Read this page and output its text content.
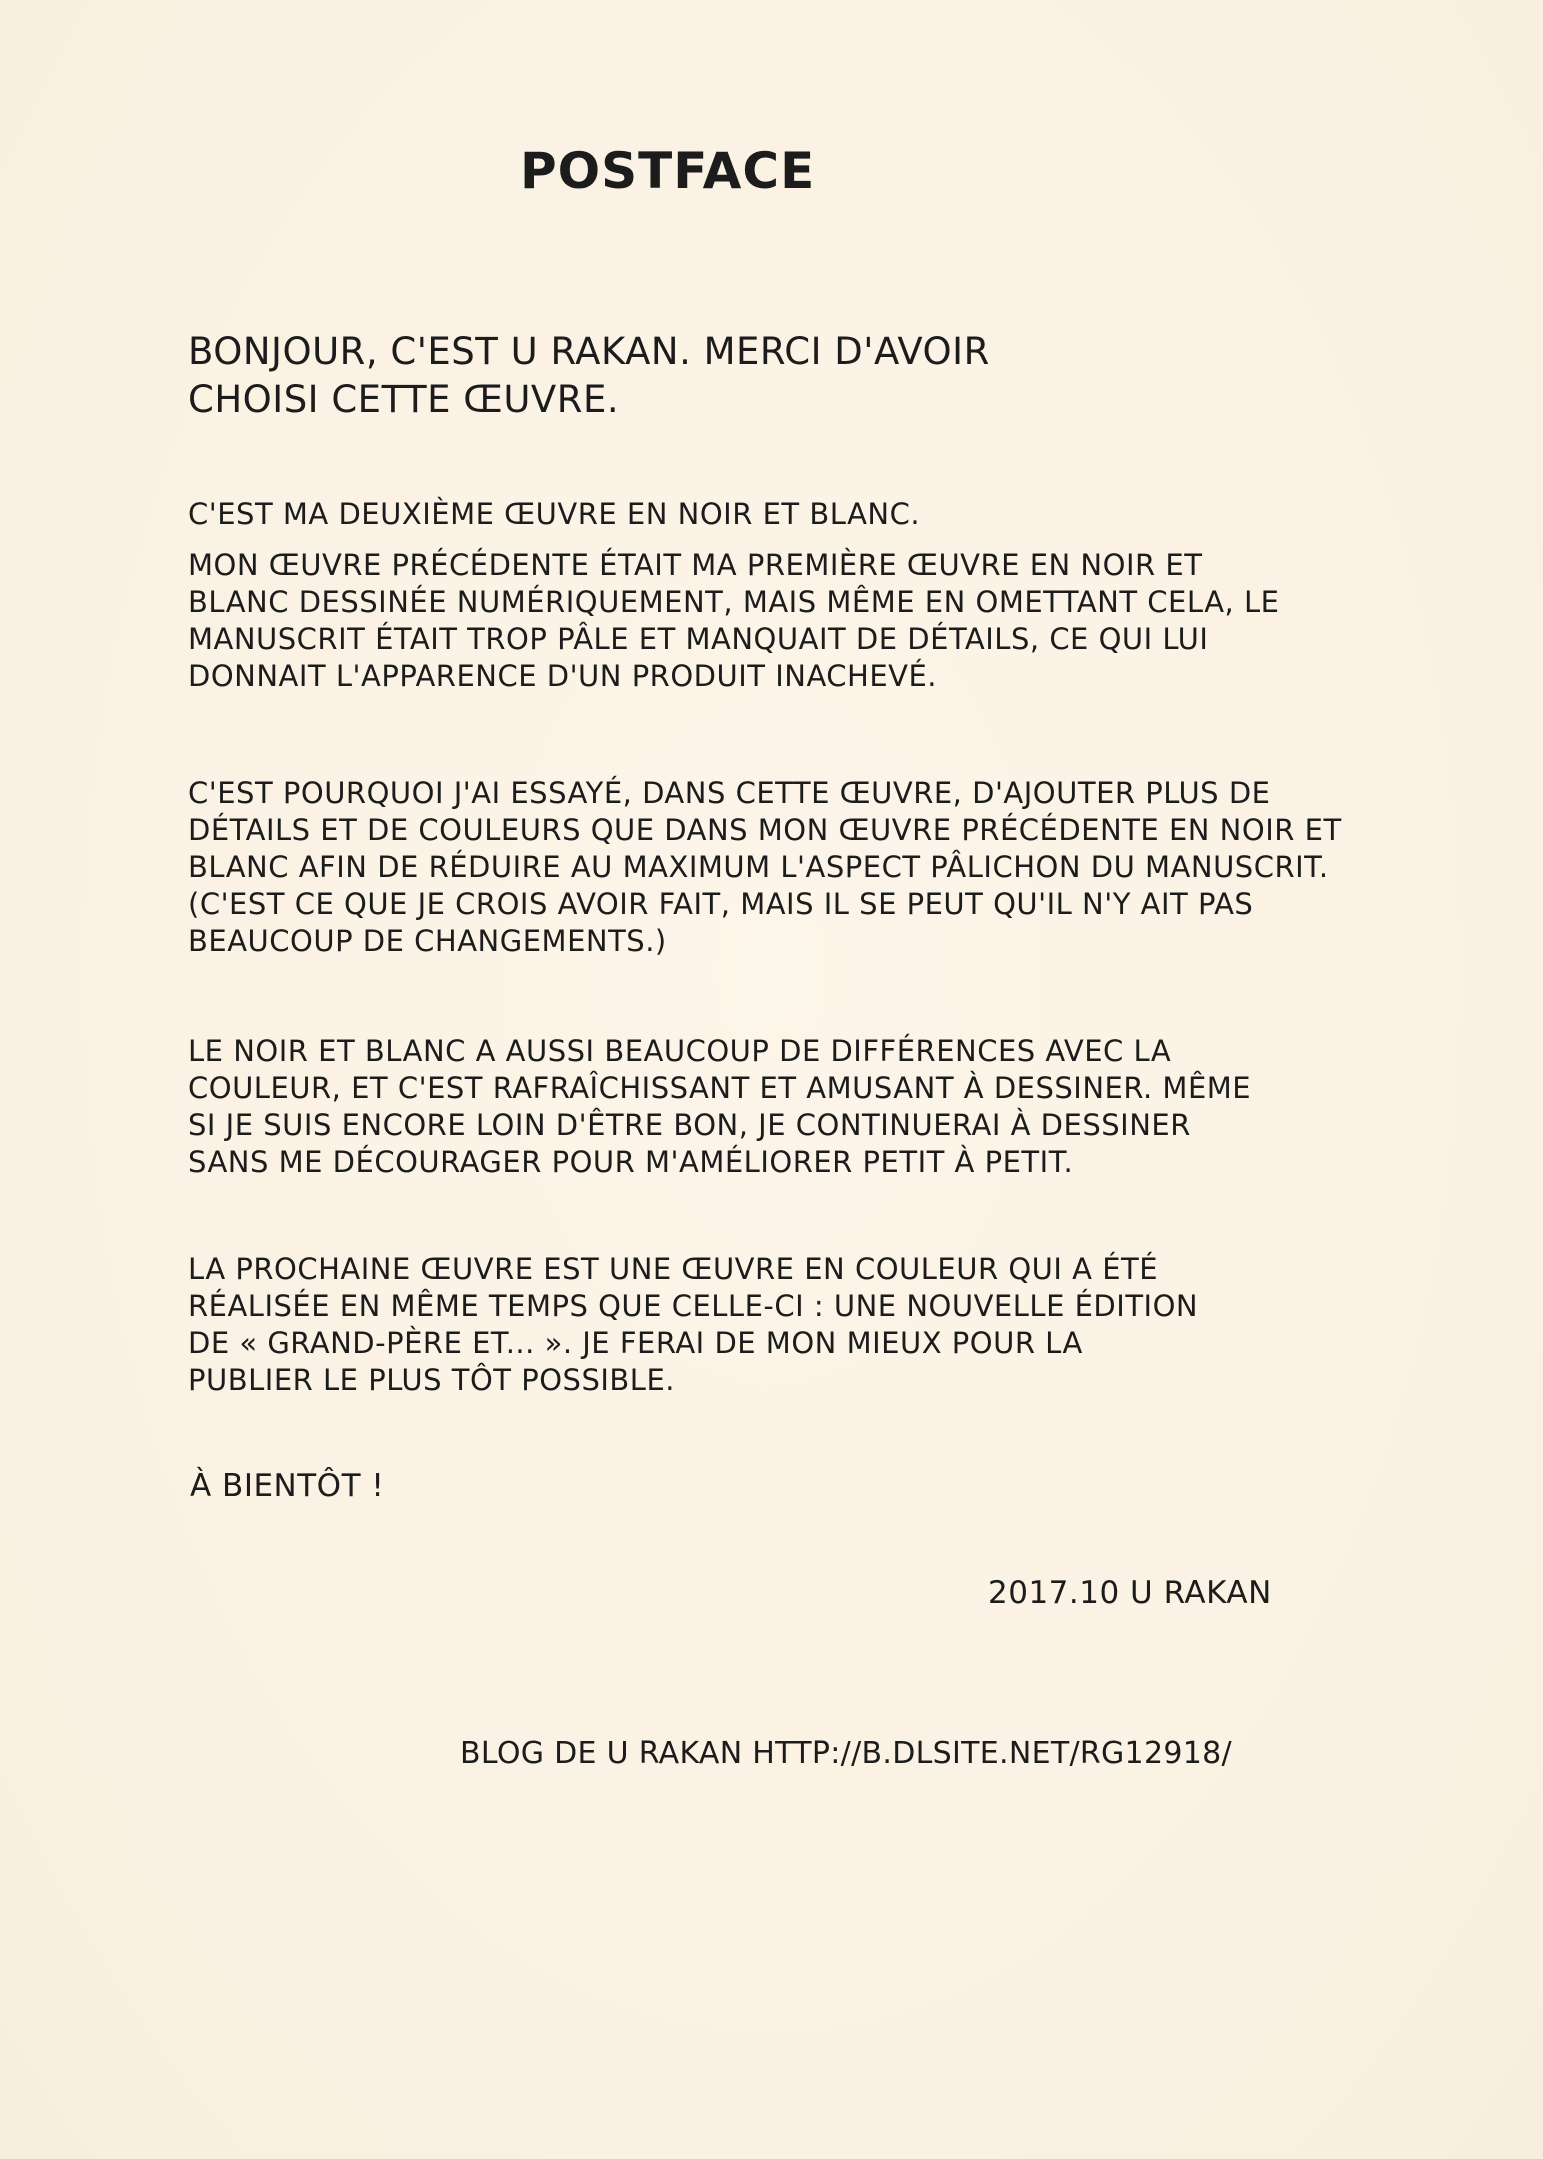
POSTFACE

BONJOUR, C'EST U RAKAN. MERCI D'AVOIR
CHOISI CETTE ŒUVRE.

C'EST MA DEUXIÈME ŒUVRE EN NOIR ET BLANC.

MON ŒUVRE PRÉCÉDENTE ÉTAIT MA PREMIÈRE ŒUVRE EN NOIR ET
BLANC DESSINÉE NUMÉRIQUEMENT, MAIS MÊME EN OMETTANT CELA, LE
MANUSCRIT ÉTAIT TROP PÂLE ET MANQUAIT DE DÉTAILS, CE QUI LUI
DONNAIT L'APPARENCE D'UN PRODUIT INACHEVÉ.

C'EST POURQUOI J'AI ESSAYÉ, DANS CETTE ŒUVRE, D'AJOUTER PLUS DE
DÉTAILS ET DE COULEURS QUE DANS MON ŒUVRE PRÉCÉDENTE EN NOIR ET
BLANC AFIN DE RÉDUIRE AU MAXIMUM L'ASPECT PÂLICHON DU MANUSCRIT.
(C'EST CE QUE JE CROIS AVOIR FAIT, MAIS IL SE PEUT QU'IL N'Y AIT PAS
BEAUCOUP DE CHANGEMENTS.)

LE NOIR ET BLANC A AUSSI BEAUCOUP DE DIFFÉRENCES AVEC LA
COULEUR, ET C'EST RAFRAÎCHISSANT ET AMUSANT À DESSINER. MÊME
SI JE SUIS ENCORE LOIN D'ÊTRE BON, JE CONTINUERAI À DESSINER
SANS ME DÉCOURAGER POUR M'AMÉLIORER PETIT À PETIT.

LA PROCHAINE ŒUVRE EST UNE ŒUVRE EN COULEUR QUI A ÉTÉ
RÉALISÉE EN MÊME TEMPS QUE CELLE-CI : UNE NOUVELLE ÉDITION
DE « GRAND-PÈRE ET... ». JE FERAI DE MON MIEUX POUR LA
PUBLIER LE PLUS TÔT POSSIBLE.

À BIENTÔT !

2017.10 U RAKAN

BLOG DE U RAKAN HTTP://B.DLSITE.NET/RG12918/
